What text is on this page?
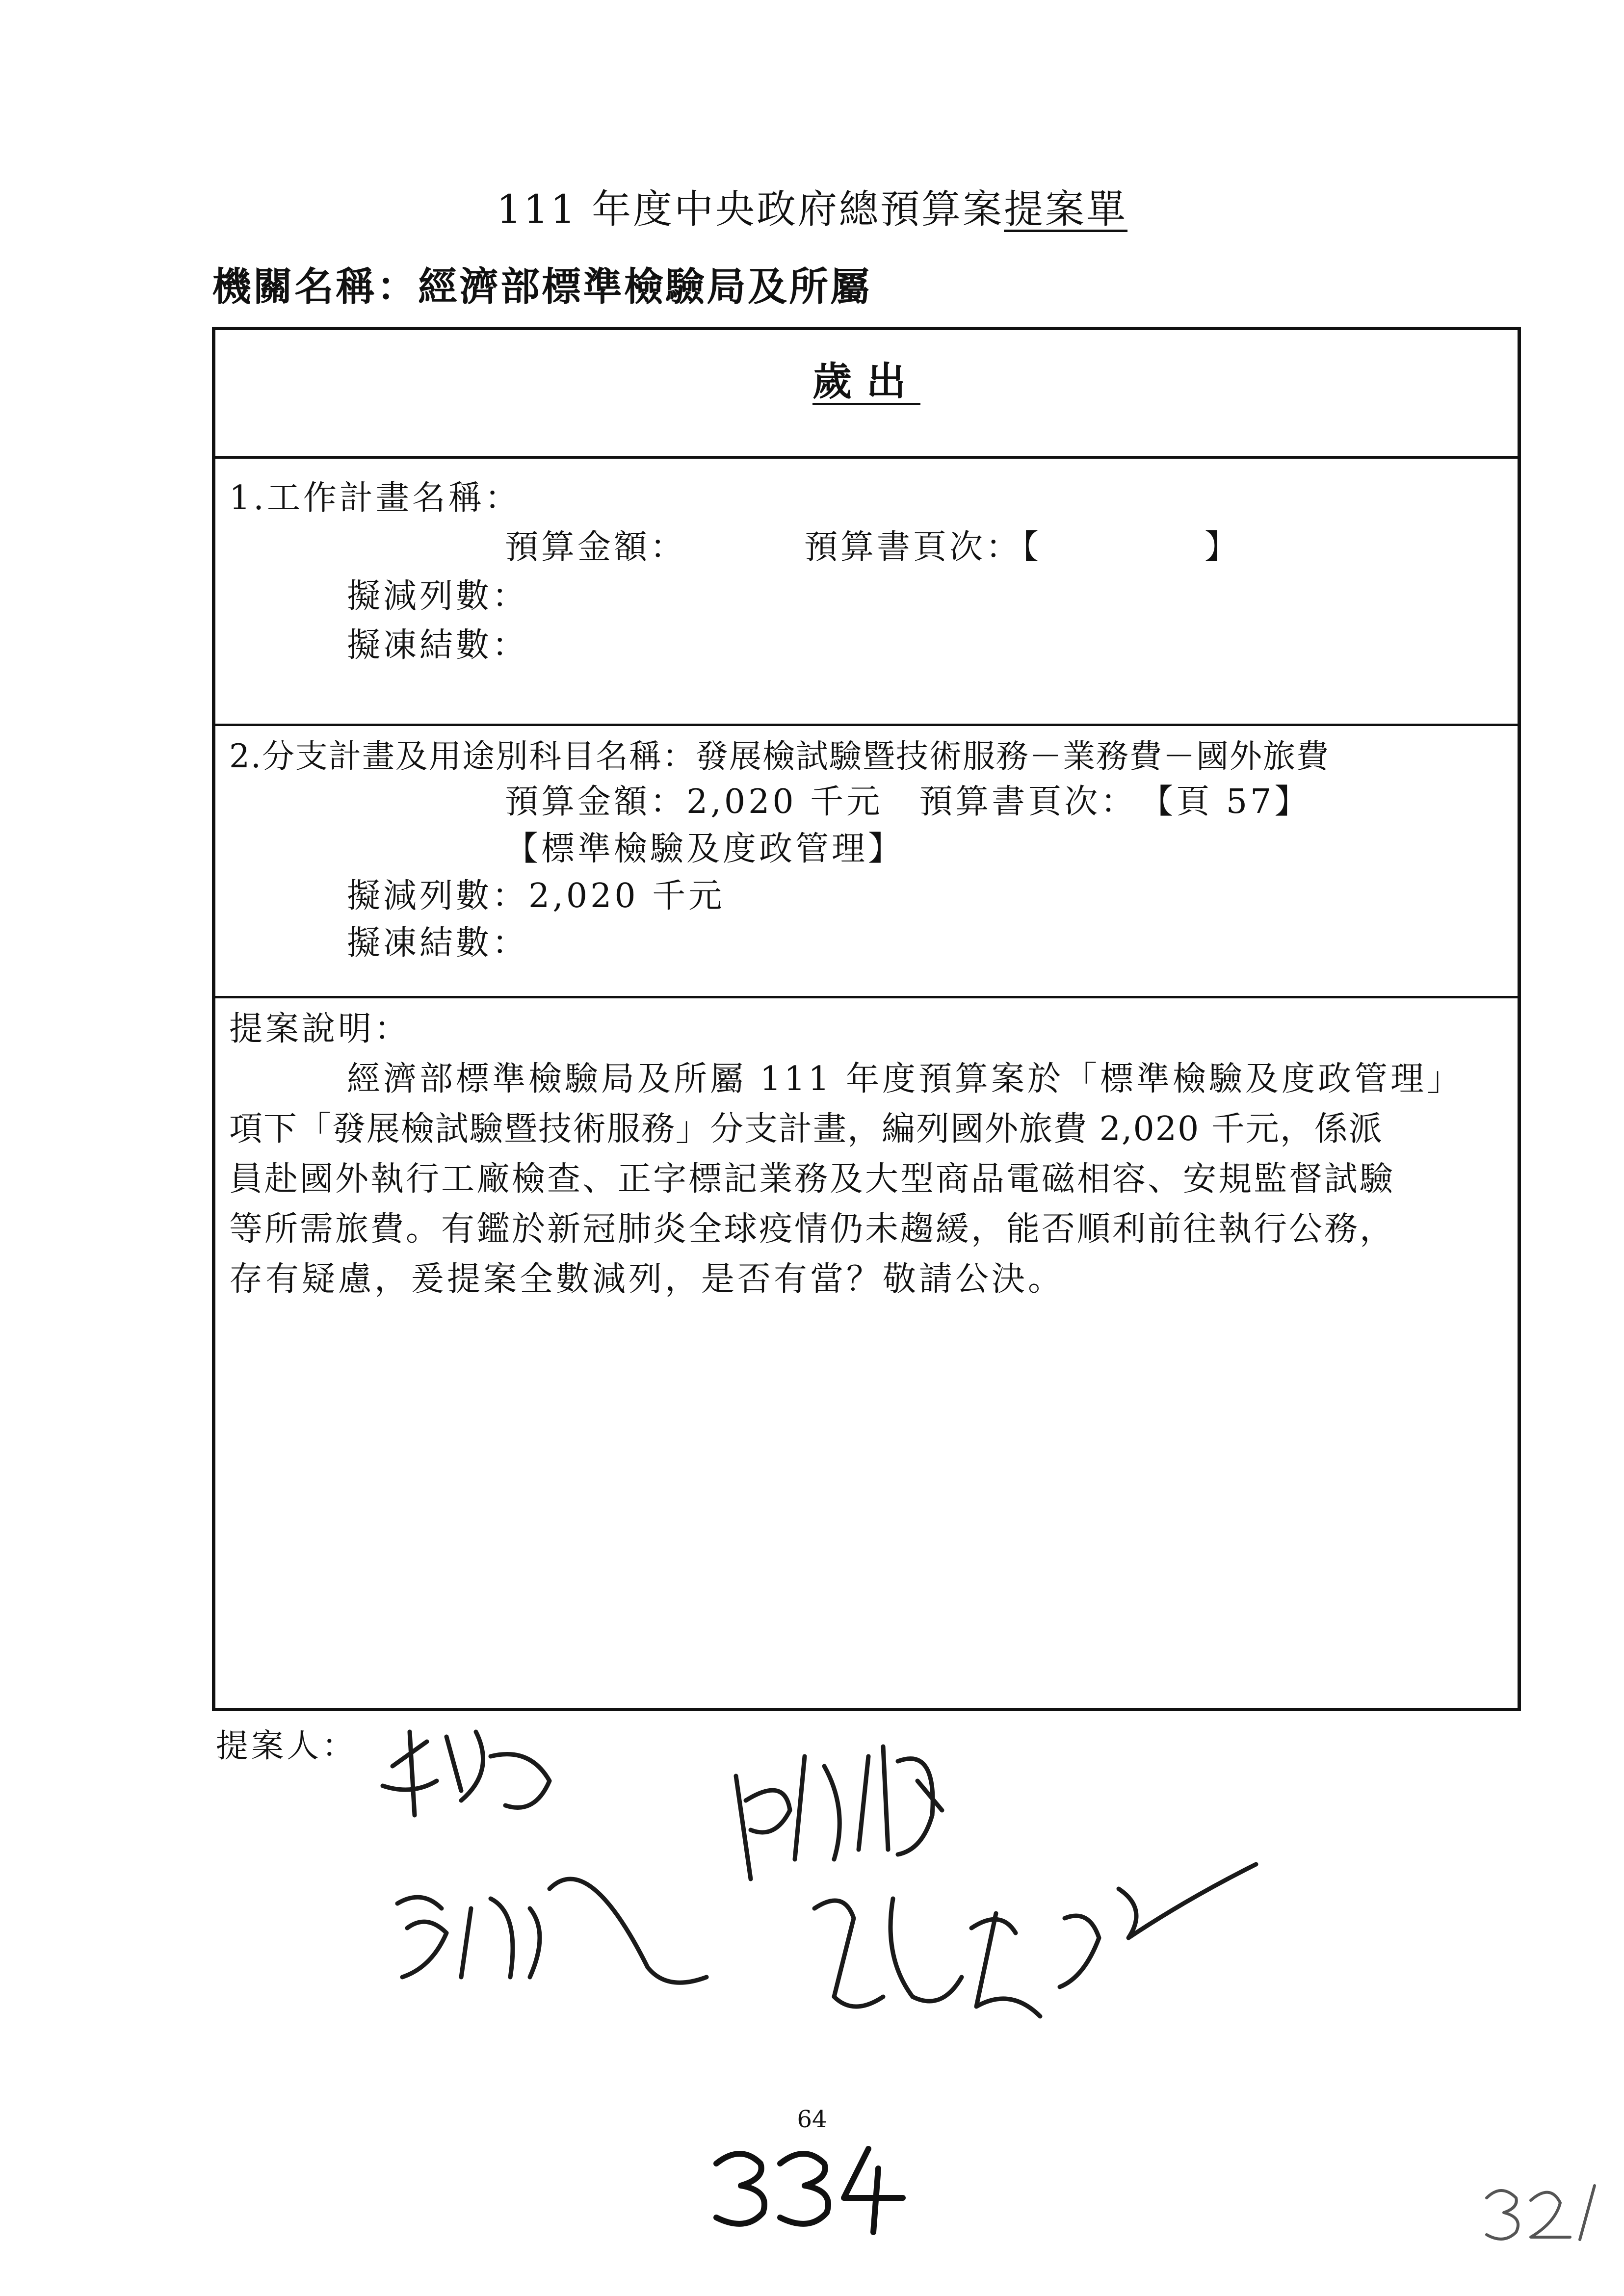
111 年度中央政府總預算案提案單
機關名稱：經濟部標準檢驗局及所屬
歲出
1.工作計畫名稱：
預算金額：	預算書頁次：【	】
擬減列數：
擬凍結數：
2.分支計畫及用途別科目名稱：發展檢試驗暨技術服務－業務費－國外旅費
預算金額：2,020 千元　預算書頁次：　【頁 57】
【標準檢驗及度政管理】
擬減列數：2,020 千元
擬凍結數：
提案說明：
經濟部標準檢驗局及所屬 111 年度預算案於「標準檢驗及度政管理」
項下「發展檢試驗暨技術服務」分支計畫，編列國外旅費 2,020 千元，係派
員赴國外執行工廠檢查、正字標記業務及大型商品電磁相容、安規監督試驗
等所需旅費。有鑑於新冠肺炎全球疫情仍未趨緩，能否順利前往執行公務，
存有疑慮，爰提案全數減列，是否有當？敬請公決。
提案人：
64
